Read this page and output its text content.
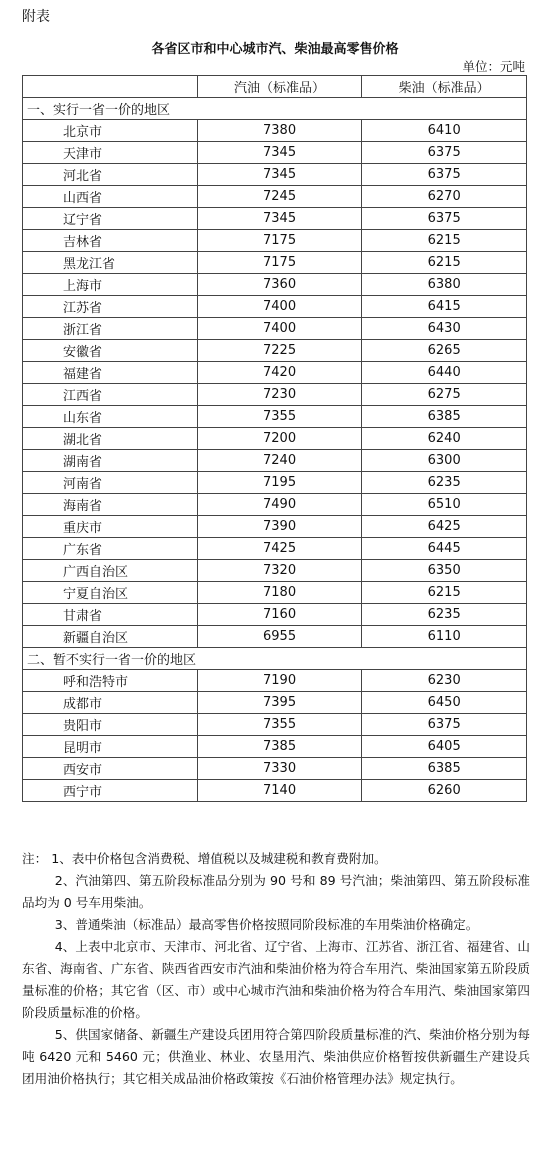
附表
各省区市和中心城市汽、柴油最高零售价格
单位：元吨
	汽油（标准品）	柴油（标准品）
一、实行一省一价的地区		
北京市	7380	6410
天津市	7345	6375
河北省	7345	6375
山西省	7245	6270
辽宁省	7345	6375
吉林省	7175	6215
黑龙江省	7175	6215
上海市	7360	6380
江苏省	7400	6415
浙江省	7400	6430
安徽省	7225	6265
福建省	7420	6440
江西省	7230	6275
山东省	7355	6385
湖北省	7200	6240
湖南省	7240	6300
河南省	7195	6235
海南省	7490	6510
重庆市	7390	6425
广东省	7425	6445
广西自治区	7320	6350
宁夏自治区	7180	6215
甘肃省	7160	6235
新疆自治区	6955	6110
二、暂不实行一省一价的地区		
呼和浩特市	7190	6230
成都市	7395	6450
贵阳市	7355	6375
昆明市	7385	6405
西安市	7330	6385
西宁市	7140	6260

注： 1、表中价格包含消费税、增值税以及城建税和教育费附加。

2、汽油第四、第五阶段标准品分别为 90 号和 89 号汽油；柴油第四、第五阶段标准品均为 0 号车用柴油。

3、普通柴油（标准品）最高零售价格按照同阶段标准的车用柴油价格确定。

4、上表中北京市、天津市、河北省、辽宁省、上海市、江苏省、浙江省、福建省、山东省、海南省、广东省、陕西省西安市汽油和柴油价格为符合车用汽、柴油国家第五阶段质量标准的价格；其它省（区、市）或中心城市汽油和柴油价格为符合车用汽、柴油国家第四阶段质量标准的价格。

5、供国家储备、新疆生产建设兵团用符合第四阶段质量标准的汽、柴油价格分别为每吨 6420 元和 5460 元；供渔业、林业、农垦用汽、柴油供应价格暂按供新疆生产建设兵团用油价格执行；其它相关成品油价格政策按《石油价格管理办法》规定执行。
